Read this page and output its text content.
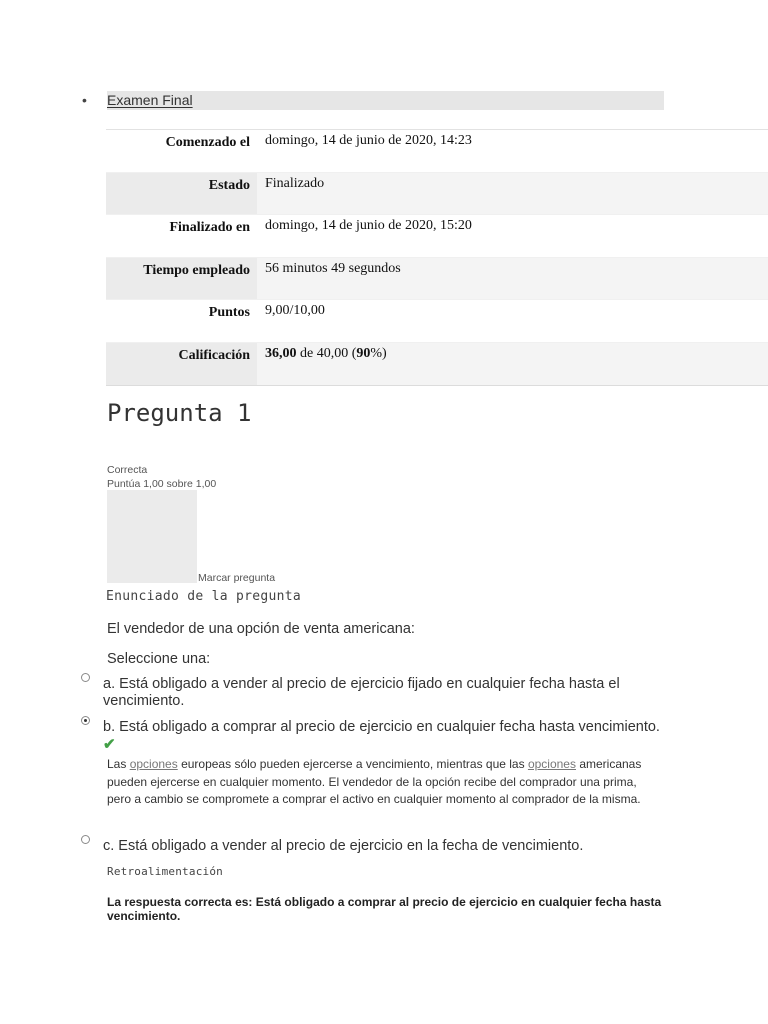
• Examen Final
Comenzado el	domingo, 14 de junio de 2020, 14:23
Estado	Finalizado
Finalizado en	domingo, 14 de junio de 2020, 15:20
Tiempo empleado	56 minutos 49 segundos
Puntos	9,00/10,00
Calificación	36,00 de 40,00 (90%)
Pregunta 1
Correcta
Puntúa 1,00 sobre 1,00
Marcar pregunta
Enunciado de la pregunta
El vendedor de una opción de venta americana:
Seleccione una:
a. Está obligado a vender al precio de ejercicio fijado en cualquier fecha hasta el vencimiento.
b. Está obligado a comprar al precio de ejercicio en cualquier fecha hasta vencimiento. ✔
Las opciones europeas sólo pueden ejercerse a vencimiento, mientras que las opciones americanas pueden ejercerse en cualquier momento. El vendedor de la opción recibe del comprador una prima, pero a cambio se compromete a comprar el activo en cualquier momento al comprador de la misma.
c. Está obligado a vender al precio de ejercicio en la fecha de vencimiento.
Retroalimentación
La respuesta correcta es: Está obligado a comprar al precio de ejercicio en cualquier fecha hasta vencimiento.
